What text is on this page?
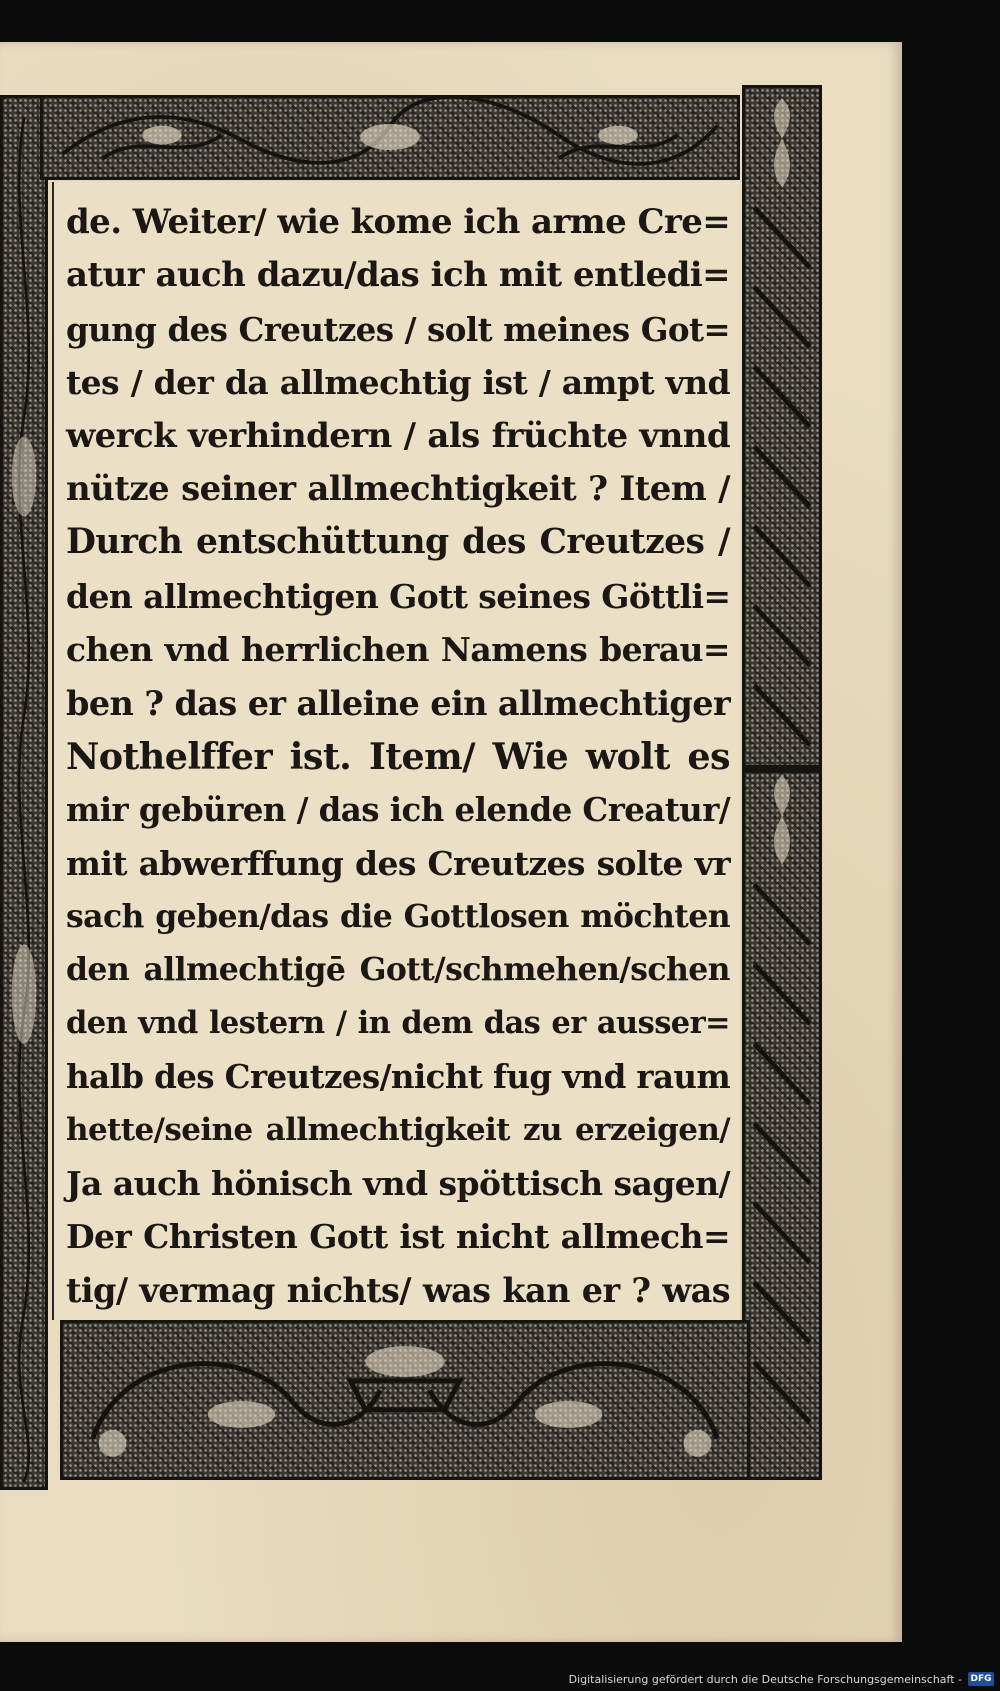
de. Weiter/ wie kome ich arme Cre=
atur auch dazu/das ich mit entledi=
gung des Creutzes / solt meines Got=
tes / der da allmechtig ist / ampt vnd
werck verhindern / als früchte vnnd
nütze seiner allmechtigkeit ? Item /
Durch entschüttung des Creutzes /
den allmechtigen Gott seines Göttli=
chen vnd herrlichen Namens berau=
ben ? das er alleine ein allmechtiger
Nothelffer ist. Item/ Wie wolt es
mir gebüren / das ich elende Creatur/
mit abwerffung des Creutzes solte vr
sach geben/das die Gottlosen möchten
den allmechtigē Gott/schmehen/schen
den vnd lestern / in dem das er ausser=
halb des Creutzes/nicht fug vnd raum
hette/seine allmechtigkeit zu erzeigen/
Ja auch hönisch vnd spöttisch sagen/
Der Christen Gott ist nicht allmech=
tig/ vermag nichts/ was kan er ? was
Digitalisierung gefördert durch die Deutsche Forschungsgemeinschaft - DFG
